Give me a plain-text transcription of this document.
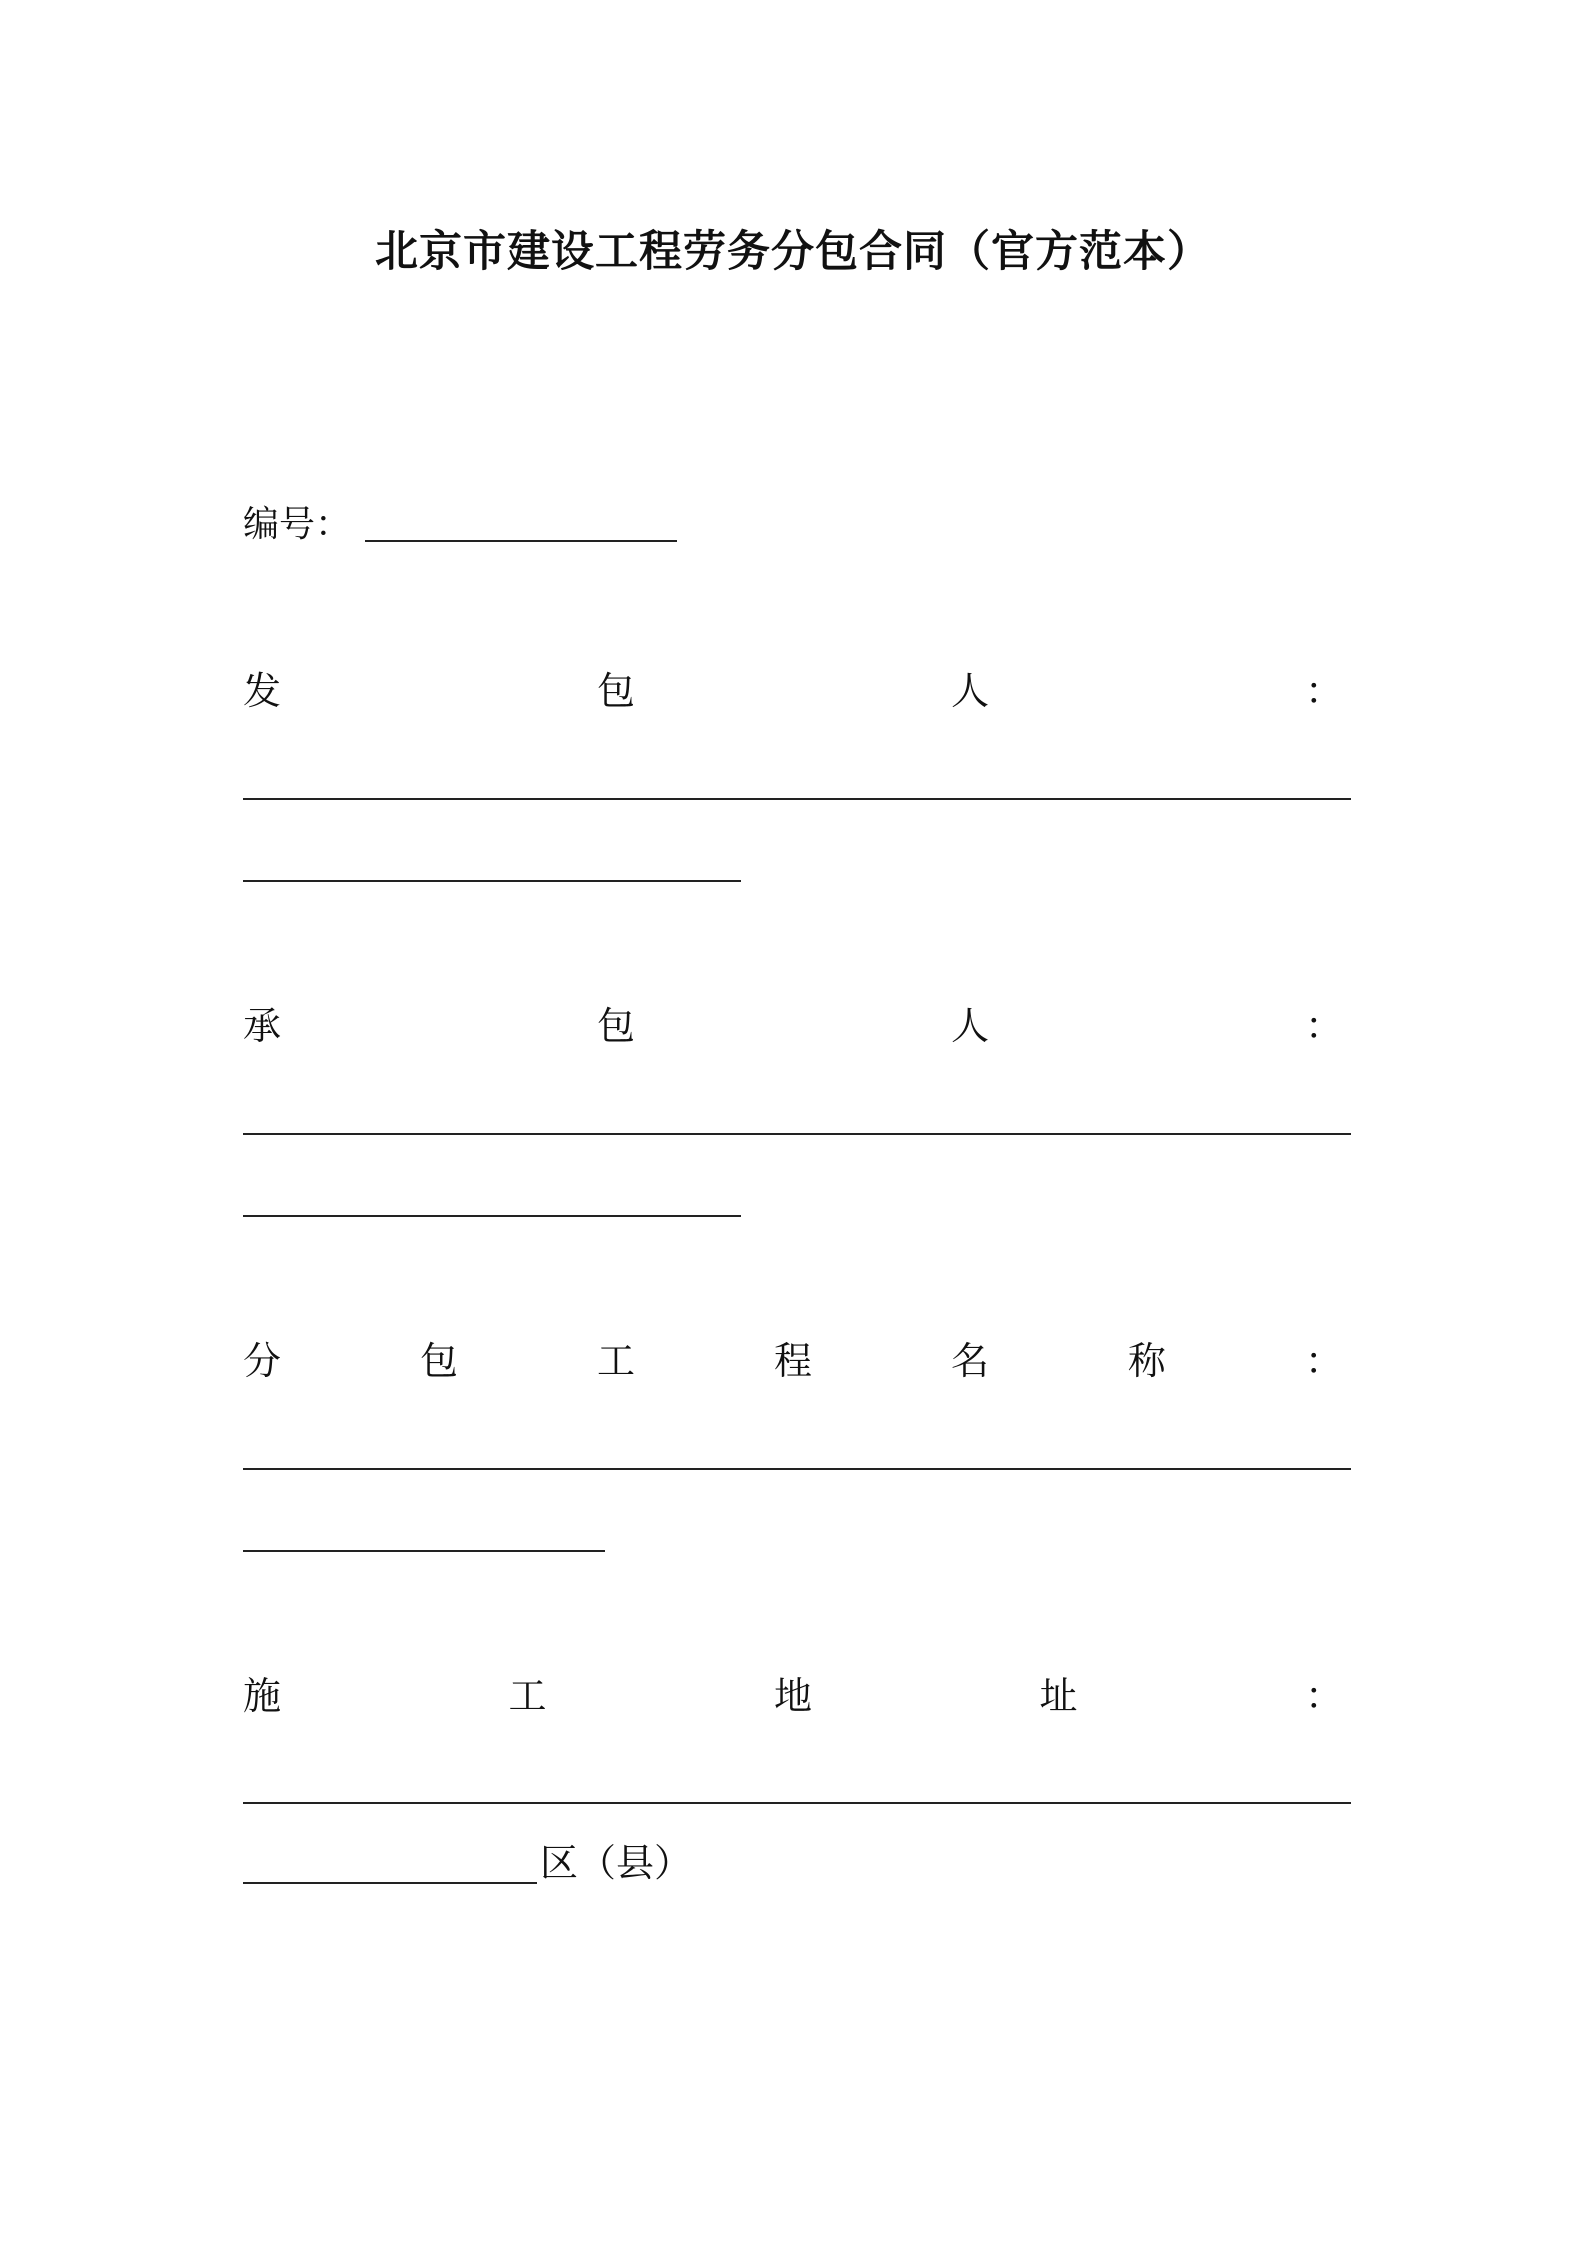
北京市建设工程劳务分包合同（官方范本）
编号：
发	包	人	：
承	包	人	：
分	包	工	程	名	称	：
施	工	地	址	：
区（县）
